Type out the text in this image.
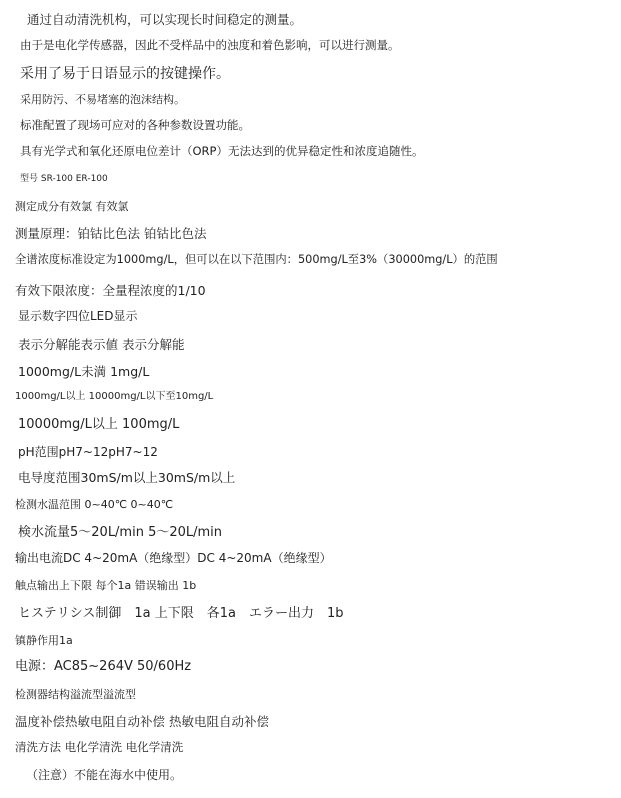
通过自动清洗机构，可以实现长时间稳定的测量。
由于是电化学传感器，因此不受样品中的浊度和着色影响，可以进行测量。
采用了易于日语显示的按键操作。
采用防污、不易堵塞的泡沫结构。
标准配置了现场可应对的各种参数设置功能。
具有光学式和氧化还原电位差计（ORP）无法达到的优异稳定性和浓度追随性。
型号 SR-100 ER-100
测定成分有效氯 有效氯
测量原理：铂钴比色法 铂钴比色法
全谱浓度标准设定为1000mg/L，但可以在以下范围内：500mg/L至3%（30000mg/L）的范围
有效下限浓度：全量程浓度的1/10
显示数字四位LED显示
表示分解能表示値 表示分解能
1000mg/L未満 1mg/L
1000mg/L以上 10000mg/L以下至10mg/L
10000mg/L以上 100mg/L
pH范围pH7~12pH7~12
电导度范围30mS/m以上30mS/m以上
检测水温范围 0~40℃ 0~40℃
検水流量5～20L/min 5～20L/min
输出电流DC 4~20mA（绝缘型）DC 4~20mA（绝缘型）
触点输出上下限 每个1a 错误输出 1b
ヒステリシス制御　1a 上下限　各1a　エラー出力　1b
镇静作用1a
电源：AC85~264V 50/60Hz
检测器结构溢流型溢流型
温度补偿热敏电阻自动补偿 热敏电阻自动补偿
清洗方法 电化学清洗 电化学清洗
（注意）不能在海水中使用。
